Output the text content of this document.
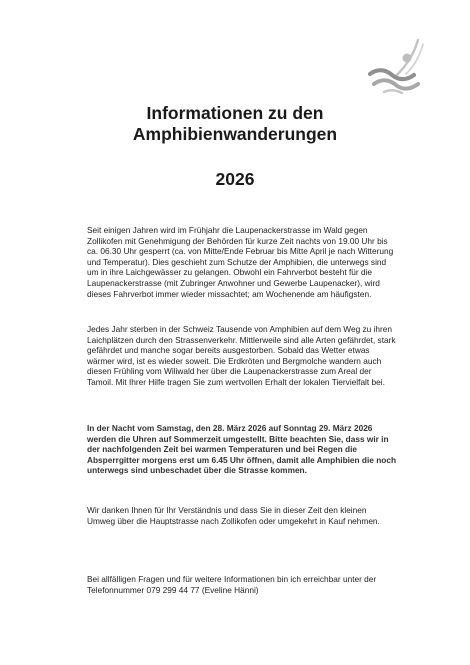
Informationen zu den
Amphibienwanderungen
2026

Seit einigen Jahren wird im Frühjahr die Laupenackerstrasse im Wald gegen
Zollikofen mit Genehmigung der Behörden für kurze Zeit nachts von 19.00 Uhr bis
ca. 06.30 Uhr gesperrt (ca. von Mitte/Ende Februar bis Mitte April je nach Witterung
und Temperatur). Dies geschieht zum Schutze der Amphibien, die unterwegs sind
um in ihre Laichgewässer zu gelangen. Obwohl ein Fahrverbot besteht für die
Laupenackerstrasse (mit Zubringer Anwohner und Gewerbe Laupenacker), wird
dieses Fahrverbot immer wieder missachtet; am Wochenende am häufigsten.

Jedes Jahr sterben in der Schweiz Tausende von Amphibien auf dem Weg zu ihren
Laichplätzen durch den Strassenverkehr. Mittlerweile sind alle Arten gefährdet, stark
gefährdet und manche sogar bereits ausgestorben. Sobald das Wetter etwas
wärmer wird, ist es wieder soweit. Die Erdkröten und Bergmolche wandern auch
diesen Frühling vom Wiliwald her über die Laupenackerstrasse zum Areal der
Tamoil. Mit Ihrer Hilfe tragen Sie zum wertvollen Erhalt der lokalen Tiervielfalt bei.

In der Nacht vom Samstag, den 28. März 2026 auf Sonntag 29. März 2026
werden die Uhren auf Sommerzeit umgestellt. Bitte beachten Sie, dass wir in
der nachfolgenden Zeit bei warmen Temperaturen und bei Regen die
Absperrgitter morgens erst um 6.45 Uhr öffnen, damit alle Amphibien die noch
unterwegs sind unbeschadet über die Strasse kommen.

Wir danken Ihnen für Ihr Verständnis und dass Sie in dieser Zeit den kleinen
Umweg über die Hauptstrasse nach Zollikofen oder umgekehrt in Kauf nehmen.

Bei allfälligen Fragen und für weitere Informationen bin ich erreichbar unter der
Telefonnummer 079 299 44 77 (Eveline Hänni)
